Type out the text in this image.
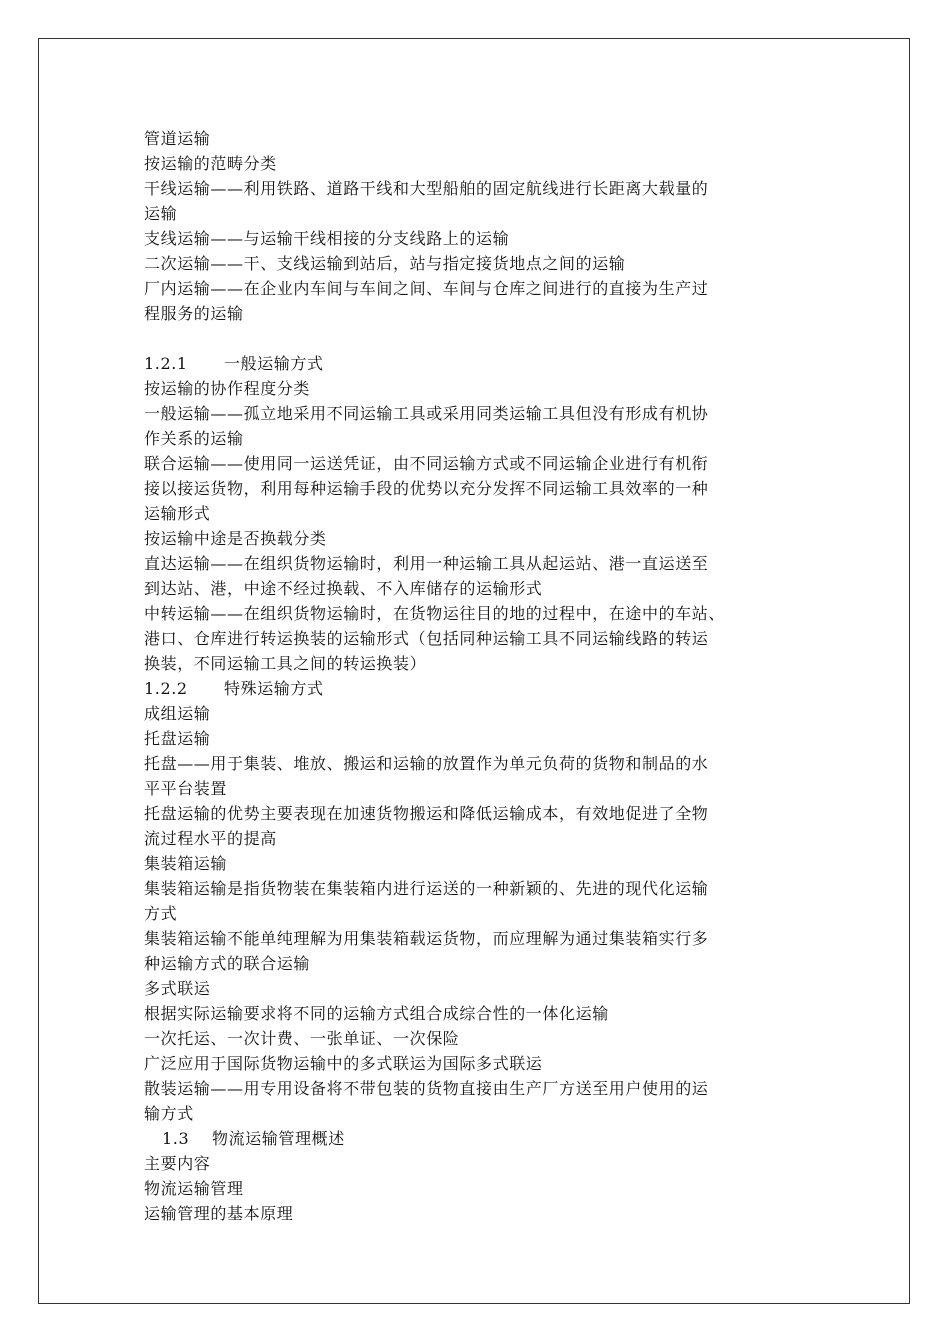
管道运输
按运输的范畴分类
干线运输——利用铁路、道路干线和大型船舶的固定航线进行长距离大载量的
运输
支线运输——与运输干线相接的分支线路上的运输
二次运输——干、支线运输到站后，站与指定接货地点之间的运输
厂内运输——在企业内车间与车间之间、车间与仓库之间进行的直接为生产过
程服务的运输
1.2.1 一般运输方式
按运输的协作程度分类
一般运输——孤立地采用不同运输工具或采用同类运输工具但没有形成有机协
作关系的运输
联合运输——使用同一运送凭证，由不同运输方式或不同运输企业进行有机衔
接以接运货物，利用每种运输手段的优势以充分发挥不同运输工具效率的一种
运输形式
按运输中途是否换载分类
直达运输——在组织货物运输时，利用一种运输工具从起运站、港一直运送至
到达站、港，中途不经过换载、不入库储存的运输形式
中转运输——在组织货物运输时，在货物运往目的地的过程中，在途中的车站、
港口、仓库进行转运换装的运输形式（包括同种运输工具不同运输线路的转运
换装，不同运输工具之间的转运换装）
1.2.2 特殊运输方式
成组运输
托盘运输
托盘——用于集装、堆放、搬运和运输的放置作为单元负荷的货物和制品的水
平平台装置
托盘运输的优势主要表现在加速货物搬运和降低运输成本，有效地促进了全物
流过程水平的提高
集装箱运输
集装箱运输是指货物装在集装箱内进行运送的一种新颖的、先进的现代化运输
方式
集装箱运输不能单纯理解为用集装箱载运货物，而应理解为通过集装箱实行多
种运输方式的联合运输
多式联运
根据实际运输要求将不同的运输方式组合成综合性的一体化运输
一次托运、一次计费、一张单证、一次保险
广泛应用于国际货物运输中的多式联运为国际多式联运
散装运输——用专用设备将不带包装的货物直接由生产厂方送至用户使用的运
输方式
1.3 物流运输管理概述
主要内容
物流运输管理
运输管理的基本原理
